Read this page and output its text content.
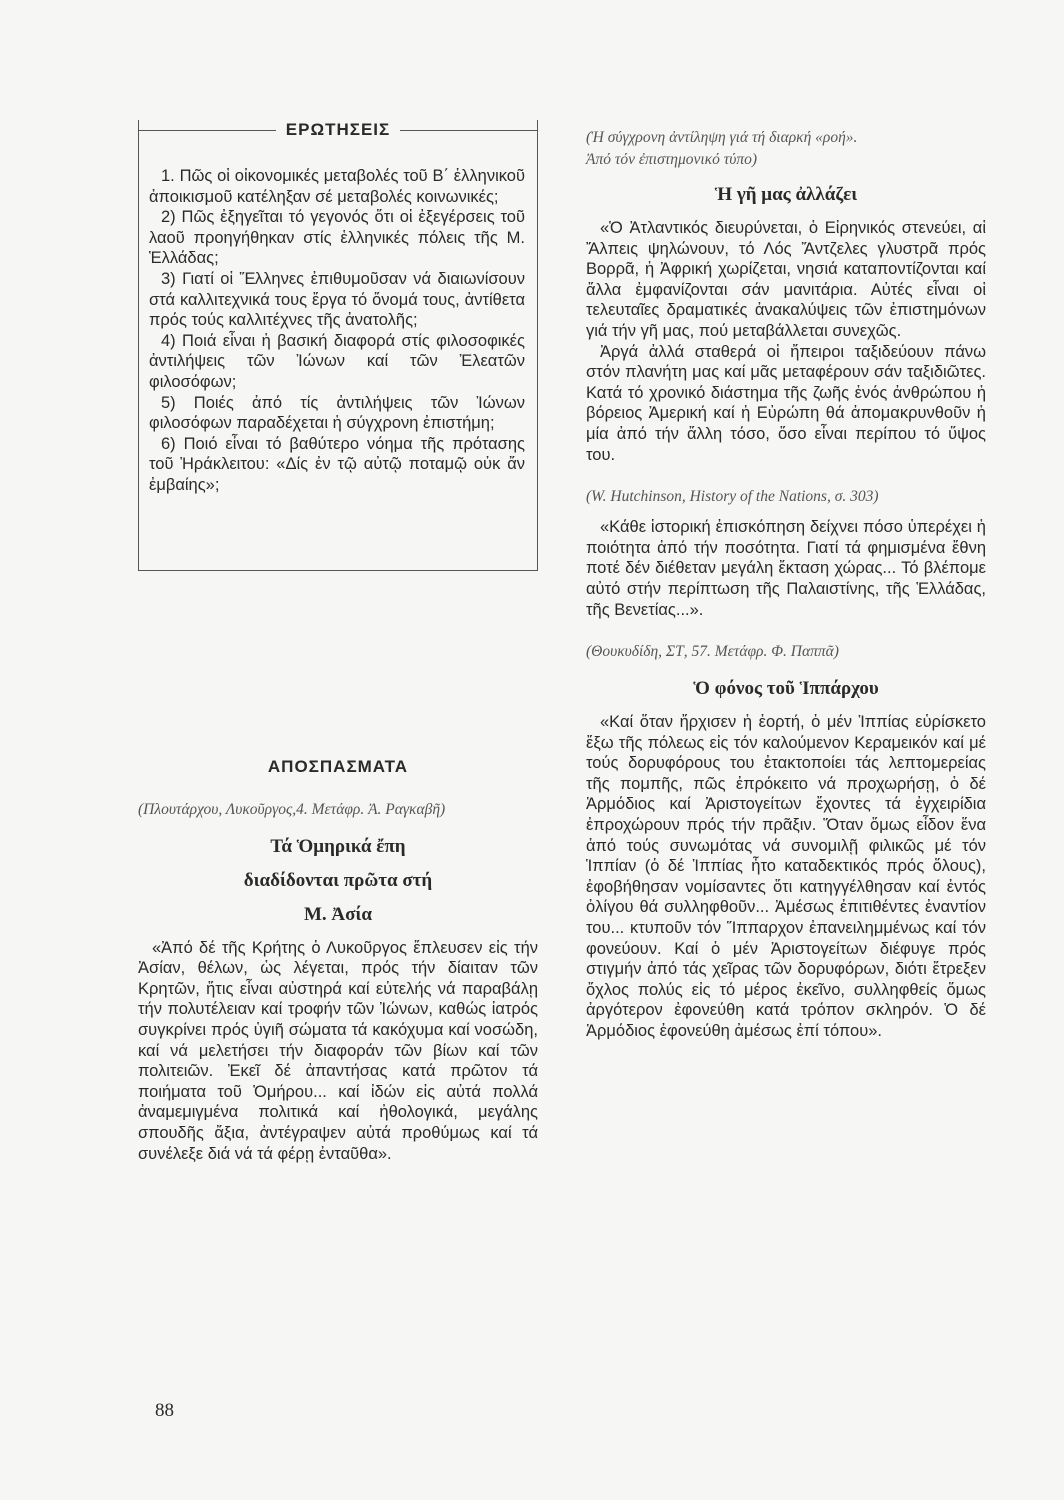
ΕΡΩΤΗΣΕΙΣ

1. Πῶς οἱ οἰκονομικές μεταβολές τοῦ Β΄ ἑλληνικοῦ ἀποικισμοῦ κατέληξαν σέ μεταβολές κοινωνικές;

2) Πῶς ἐξηγεῖται τό γεγονός ὅτι οἱ ἐξεγέρσεις τοῦ λαοῦ προηγήθηκαν στίς ἑλληνικές πόλεις τῆς Μ. Ἑλλάδας;

3) Γιατί οἱ Ἕλληνες ἐπιθυμοῦσαν νά διαιωνίσουν στά καλλιτεχνικά τους ἔργα τό ὄνομά τους, ἀντίθετα πρός τούς καλλιτέχνες τῆς ἀνατολῆς;

4) Ποιά εἶναι ἡ βασική διαφορά στίς φιλοσοφικές ἀντιλήψεις τῶν Ἰώνων καί τῶν Ἐλεατῶν φιλοσόφων;

5) Ποιές ἀπό τίς ἀντιλήψεις τῶν Ἰώνων φιλοσόφων παραδέχεται ἡ σύγχρονη ἐπιστήμη;

6) Ποιό εἶναι τό βαθύτερο νόημα τῆς πρότασης τοῦ Ἡράκλειτου: «Δίς ἐν τῷ αὐτῷ ποταμῷ οὐκ ἄν ἐμβαίης»;

ΑΠΟΣΠΑΣΜΑΤΑ

(Πλουτάρχου, Λυκοῦργος,4. Μετάφρ. Ἀ. Ραγκαβῆ)

Τά Ὁμηρικά ἔπη
διαδίδονται πρῶτα στή
Μ. Ἀσία

«Ἀπό δέ τῆς Κρήτης ὁ Λυκοῦργος ἔπλευσεν εἰς τήν Ἀσίαν, θέλων, ὡς λέγεται, πρός τήν δίαιταν τῶν Κρητῶν, ἥτις εἶναι αὐστηρά καί εὐτελής νά παραβάλῃ τήν πολυτέλειαν καί τροφήν τῶν Ἰώνων, καθώς ἰατρός συγκρίνει πρός ὑγιῆ σώματα τά κακόχυμα καί νοσώδη, καί νά μελετήσει τήν διαφοράν τῶν βίων καί τῶν πολιτειῶν. Ἐκεῖ δέ ἀπαντήσας κατά πρῶτον τά ποιήματα τοῦ Ὁμήρου... καί ἰδών εἰς αὐτά πολλά ἀναμεμιγμένα πολιτικά καί ἠθολογικά, μεγάλης σπουδῆς ἄξια, ἀντέγραψεν αὐτά προθύμως καί τά συνέλεξε διά νά τά φέρῃ ἐνταῦθα».

(Ἡ σύγχρονη ἀντίληψη γιά τή διαρκή «ροή».

Ἀπό τόν ἐπιστημονικό τύπο)

Ἡ γῆ μας ἀλλάζει

«Ὁ Ἀτλαντικός διευρύνεται, ὁ Εἰρηνικός στενεύει, αἱ Ἄλπεις ψηλώνουν, τό Λός Ἄντζελες γλυστρᾶ πρός Βορρᾶ, ἡ Ἀφρική χωρίζεται, νησιά καταποντίζονται καί ἄλλα ἐμφανίζονται σάν μανιτάρια. Αὐτές εἶναι οἱ τελευταῖες δραματικές ἀνακαλύψεις τῶν ἐπιστημόνων γιά τήν γῆ μας, πού μεταβάλλεται συνεχῶς.

Ἀργά ἀλλά σταθερά οἱ ἤπειροι ταξιδεύουν πάνω στόν πλανήτη μας καί μᾶς μεταφέρουν σάν ταξιδιῶτες. Κατά τό χρονικό διάστημα τῆς ζωῆς ἑνός ἀνθρώπου ἡ βόρειος Ἀμερική καί ἡ Εὐρώπη θά ἀπομακρυνθοῦν ἡ μία ἀπό τήν ἄλλη τόσο, ὅσο εἶναι περίπου τό ὕψος του.

(W. Hutchinson, History of the Nations, σ. 303)

«Κάθε ἱστορική ἐπισκόπηση δείχνει πόσο ὑπερέχει ἡ ποιότητα ἀπό τήν ποσότητα. Γιατί τά φημισμένα ἔθνη ποτέ δέν διέθεταν μεγάλη ἔκταση χώρας... Τό βλέπομε αὐτό στήν περίπτωση τῆς Παλαιστίνης, τῆς Ἑλλάδας, τῆς Βενετίας...».

(Θουκυδίδη, ΣΤ, 57. Μετάφρ. Φ. Παππᾶ)

Ὁ φόνος τοῦ Ἱππάρχου

«Καί ὅταν ἤρχισεν ἡ ἑορτή, ὁ μέν Ἱππίας εὑρίσκετο ἔξω τῆς πόλεως εἰς τόν καλούμενον Κεραμεικόν καί μέ τούς δορυφόρους του ἐτακτοποίει τάς λεπτομερείας τῆς πομπῆς, πῶς ἐπρόκειτο νά προχωρήσῃ, ὁ δέ Ἁρμόδιος καί Ἀριστογείτων ἔχοντες τά ἐγχειρίδια ἐπροχώρουν πρός τήν πρᾶξιν. Ὅταν ὅμως εἶδον ἕνα ἀπό τούς συνωμότας νά συνομιλῇ φιλικῶς μέ τόν Ἱππίαν (ὁ δέ Ἱππίας ἦτο καταδεκτικός πρός ὅλους), ἐφοβήθησαν νομίσαντες ὅτι κατηγγέλθησαν καί ἐντός ὀλίγου θά συλληφθοῦν... Ἀμέσως ἐπιτιθέντες ἐναντίον του... κτυποῦν τόν Ἵππαρχον ἐπανειλημμένως καί τόν φονεύουν. Καί ὁ μέν Ἀριστογείτων διέφυγε πρός στιγμήν ἀπό τάς χεῖρας τῶν δορυφόρων, διότι ἔτρεξεν ὄχλος πολύς εἰς τό μέρος ἐκεῖνο, συλληφθείς ὅμως ἀργότερον ἐφονεύθη κατά τρόπον σκληρόν. Ὁ δέ Ἁρμόδιος ἐφονεύθη ἀμέσως ἐπί τόπου».

88
